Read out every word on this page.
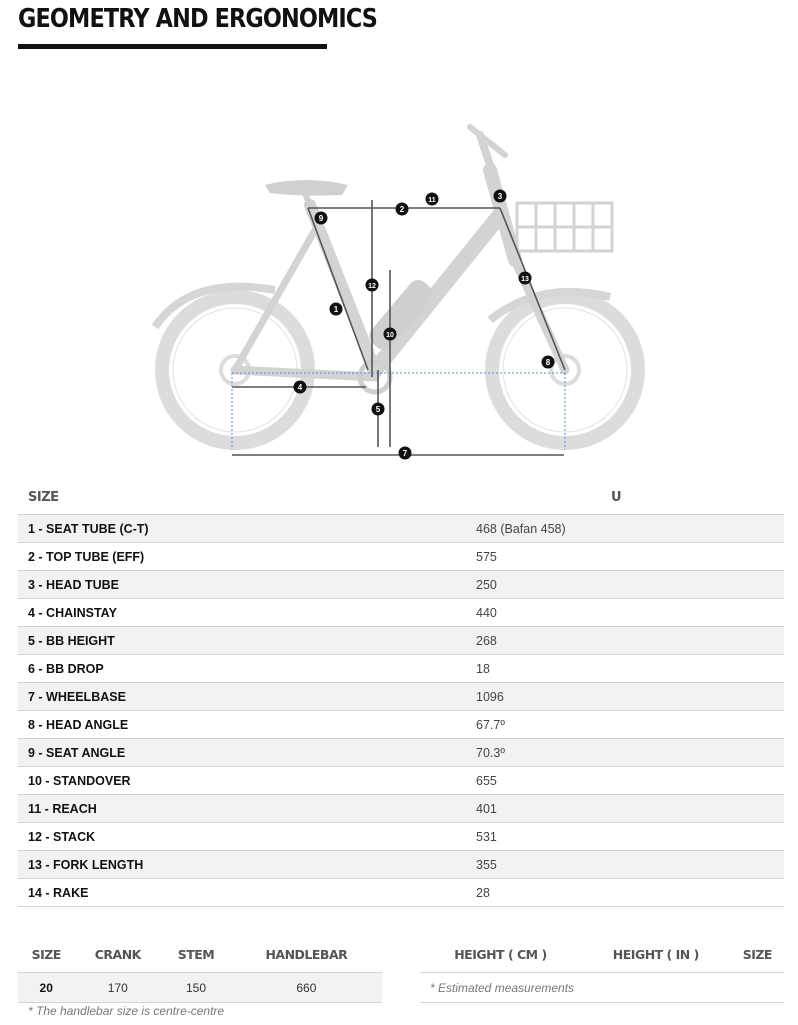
GEOMETRY AND ERGONOMICS
1
2
3
4
5
7
8
9
10
11
12
13
SIZE	U
1 - SEAT TUBE (C-T)	468 (Bafan 458)
2 - TOP TUBE (EFF)	575
3 - HEAD TUBE	250
4 - CHAINSTAY	440
5 - BB HEIGHT	268
6 - BB DROP	18
7 - WHEELBASE	1096
8 - HEAD ANGLE	67.7º
9 - SEAT ANGLE	70.3º
10 - STANDOVER	655
11 - REACH	401
12 - STACK	531
13 - FORK LENGTH	355
14 - RAKE	28
SIZE	CRANK	STEM	HANDLEBAR
20	170	150	660
HEIGHT ( CM )	HEIGHT ( IN )	SIZE
* Estimated measurements
* The handlebar size is centre-centre
